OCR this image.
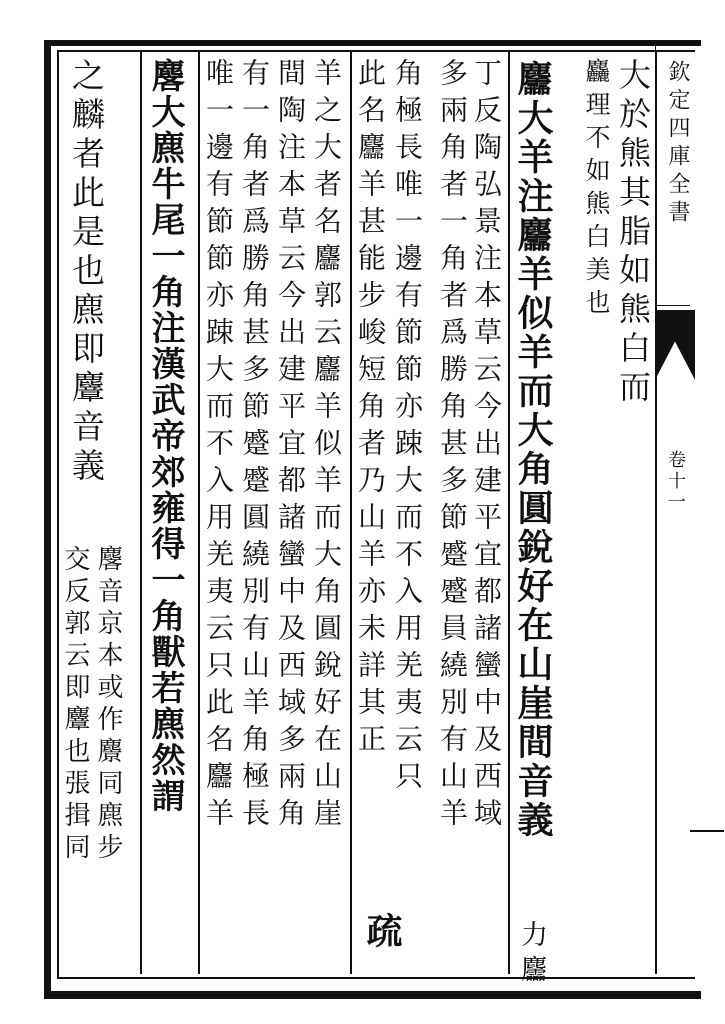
欽定四庫全書
卷十一
大於熊其脂如熊白而
麤理不如熊白美也
麢大羊注麢羊似羊而大角圓銳好在山崖間音義
力麢
丁反陶弘景注本草云今出建平宜都諸蠻中及西域
多兩角者一角者爲勝角甚多節蹙蹙員繞別有山羊
角極長唯一邊有節節亦踈大而不入用羌夷云只
此名麢羊甚能步峻短角者乃山羊亦未詳其正
疏
羊之大者名麢郭云麢羊似羊而大角圓銳好在山崖
間陶注本草云今出建平宜都諸蠻中及西域多兩角
有一角者爲勝角甚多節蹙蹙圓繞別有山羊角極長
唯一邊有節節亦踈大而不入用羌夷云只此名麢羊
麐大麃牛尾一角注漢武帝郊雍得一角獸若麃然謂
之麟者此是也麃即麞音義
麐音京本或作麖同麃步
交反郭云即麞也張揖同
